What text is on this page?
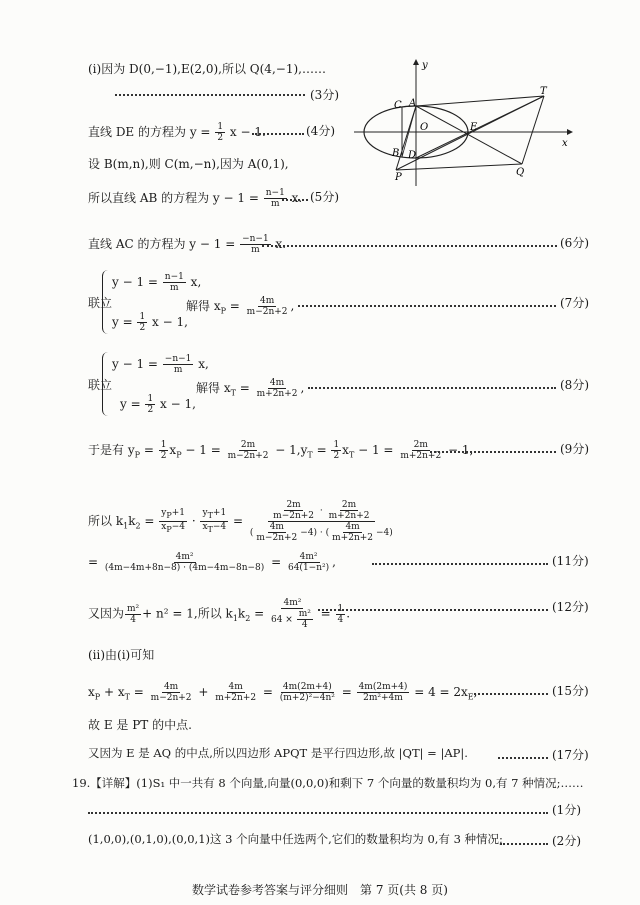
(ⅰ)因为 D(0,−1),E(2,0),所以 Q(4,−1),……
(3分)
直线 DE 的方程为 $y = \frac{1}{2}$ x − 1.	(4分)
设 B(m,n),则 C(m,−n),因为 A(0,1),
所以直线 AB 的方程为 $y - 1 = \frac{n-1}{m} x$. (5分)
直线 AC 的方程为 $y - 1 = \frac{-n-1}{m} x$.	(6分)
联立
$y - 1 = \frac{n-1}{m} x$,
$y = \frac{1}{2}$ x − 1,
解得 $x_P = \frac{4m}{m-2n+2}$ ,	(7分)
联立
$y - 1 = \frac{-n-1}{m} x$,
$y = \frac{1}{2}$ x − 1,
解得 $x_T = \frac{4m}{m+2n+2}$ ,	(8分)
于是有 $y_P = \frac{1}{2} x_P - 1 = \frac{2m}{m-2n+2} - 1,y_T = \frac{1}{2} x_T - 1 = \frac{2m}{m+2n+2} - 1$,	(9分)
所以 $k_1k_2 = \frac{y_P+1}{x_P-4} \cdot \frac{y_T+1}{x_T-4} = \frac{\frac{2m}{m-2n+2} \cdot \frac{2m}{m+2n+2}}{( \frac{4m}{m-2n+2} -4) \cdot ( \frac{4m}{m+2n+2} -4)}$
= $\frac{\text{4m²}}{(4m-4m+8n-8) \cdot (4m-4m-8n-8)} = \frac{\text{4m²}}{\text{64(1−n²)}}$ ,	(11分)
又因为 $\frac{\text{m²}}{4} + n^2 = 1$,所以 $k_1k_2 = \frac{\text{4m²}}{64 \times \frac{\text{m²}}{4}} = \frac{1}{4}$ .	(12分)
(ⅱ)由(ⅰ)可知
$x_P + x_T = \frac{4m}{m-2n+2} + \frac{4m}{m+2n+2} = \frac{4m(2m+4)}{\text{(m+2)²−4n²}} = \frac{4m(2m+4)}{\text{2m²+4m}} = 4 = 2x_E$,	(15分)
故 E 是 PT 的中点.
又因为 E 是 AQ 的中点,所以四边形 APQT 是平行四边形,故 |QT| = |AP|.	(17分)
19.【详解】(1)S₁ 中一共有 8 个向量,向量(0,0,0)和剩下 7 个向量的数量积均为 0,有 7 种情况;……
(1分)
(1,0,0),(0,1,0),(0,0,1)这 3 个向量中任选两个,它们的数量积均为 0,有 3 种情况;	(2分)
数学试卷参考答案与评分细则　第 7 页(共 8 页)
y
x
C A
O	E
T
B D
P	Q
